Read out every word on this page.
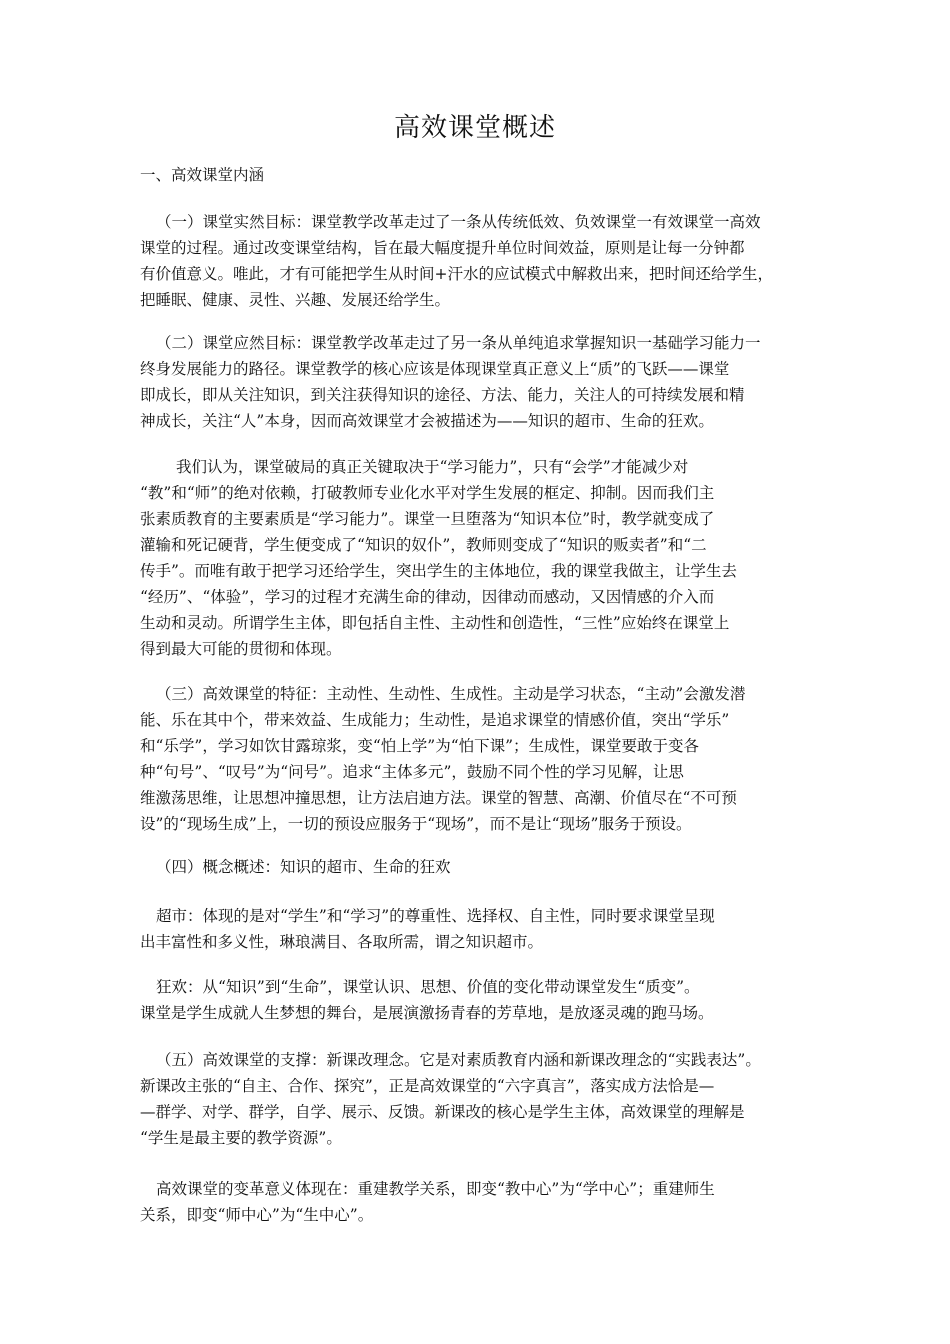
高效课堂概述
一、高效课堂内涵
（一）课堂实然目标：课堂教学改革走过了一条从传统低效、负效课堂一有效课堂一高效
课堂的过程。通过改变课堂结构，旨在最大幅度提升单位时间效益，原则是让每一分钟都
有价值意义。唯此，才有可能把学生从时间+汗水的应试模式中解救出来，把时间还给学生，
把睡眠、健康、灵性、兴趣、发展还给学生。
（二）课堂应然目标：课堂教学改革走过了另一条从单纯追求掌握知识一基础学习能力一
终身发展能力的路径。课堂教学的核心应该是体现课堂真正意义上“质”的飞跃——课堂
即成长，即从关注知识，到关注获得知识的途径、方法、能力，关注人的可持续发展和精
神成长，关注“人”本身，因而高效课堂才会被描述为——知识的超市、生命的狂欢。
我们认为，课堂破局的真正关键取决于“学习能力”，只有“会学”才能减少对
“教”和“师”的绝对依赖，打破教师专业化水平对学生发展的框定、抑制。因而我们主
张素质教育的主要素质是“学习能力”。课堂一旦堕落为“知识本位”时，教学就变成了
灌输和死记硬背，学生便变成了“知识的奴仆”，教师则变成了“知识的贩卖者”和“二
传手”。而唯有敢于把学习还给学生，突出学生的主体地位，我的课堂我做主，让学生去
“经历”、“体验”，学习的过程才充满生命的律动，因律动而感动，又因情感的介入而
生动和灵动。所谓学生主体，即包括自主性、主动性和创造性，“三性”应始终在课堂上
得到最大可能的贯彻和体现。
（三）高效课堂的特征：主动性、生动性、生成性。主动是学习状态，“主动”会激发潜
能、乐在其中个，带来效益、生成能力；生动性，是追求课堂的情感价值，突出“学乐”
和“乐学”，学习如饮甘露琼浆，变“怕上学”为“怕下课”；生成性，课堂要敢于变各
种“句号”、“叹号”为“问号”。追求“主体多元”，鼓励不同个性的学习见解，让思
维激荡思维，让思想冲撞思想，让方法启迪方法。课堂的智慧、高潮、价值尽在“不可预
设”的“现场生成”上，一切的预设应服务于“现场”，而不是让“现场”服务于预设。
（四）概念概述：知识的超市、生命的狂欢
超市：体现的是对“学生”和“学习”的尊重性、选择权、自主性，同时要求课堂呈现
出丰富性和多义性，琳琅满目、各取所需，谓之知识超市。
狂欢：从“知识”到“生命”，课堂认识、思想、价值的变化带动课堂发生“质变”。
课堂是学生成就人生梦想的舞台，是展演激扬青春的芳草地，是放逐灵魂的跑马场。
（五）高效课堂的支撑：新课改理念。它是对素质教育内涵和新课改理念的“实践表达”。
新课改主张的“自主、合作、探究”，正是高效课堂的“六字真言”，落实成方法恰是—
—群学、对学、群学，自学、展示、反馈。新课改的核心是学生主体，高效课堂的理解是
“学生是最主要的教学资源”。
高效课堂的变革意义体现在：重建教学关系，即变“教中心”为“学中心”；重建师生
关系，即变“师中心”为“生中心”。
